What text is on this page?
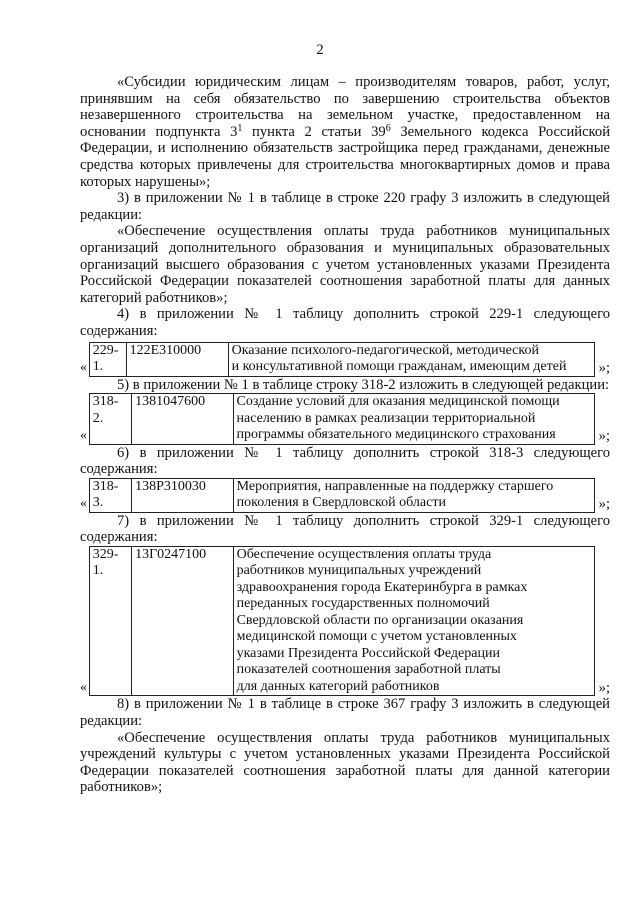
2

«Субсидии юридическим лицам – производителям товаров, работ, услуг, принявшим на себя обязательство по завершению строительства объектов незавершенного строительства на земельном участке, предоставленном на основании подпункта $3^1$ пункта 2 статьи $39^6$ Земельного кодекса Российской Федерации, и исполнению обязательств застройщика перед гражданами, денежные средства которых привлечены для строительства многоквартирных домов и права которых нарушены»;

3) в приложении № 1 в таблице в строке 220 графу 3 изложить в следующей редакции:

«Обеспечение осуществления оплаты труда работников муниципальных организаций дополнительного образования и муниципальных образовательных организаций высшего образования с учетом установленных указами Президента Российской Федерации показателей соотношения заработной платы для данных категорий работников»;

4) в приложении № 1 таблицу дополнить строкой 229-1 следующего содержания:

«
229-1.	122Е310000	Оказание психолого-педагогической, методической
и консультативной помощи гражданам, имеющим детей	»;

5) в приложении № 1 в таблице строку 318-2 изложить в следующей редакции:

«
318-2.	1381047600	Создание условий для оказания медицинской помощи
населению в рамках реализации территориальной
программы обязательного медицинского страхования	»;

6) в приложении № 1 таблицу дополнить строкой 318-3 следующего содержания:

«
318-3.	138Р310030	Мероприятия, направленные на поддержку старшего
поколения в Свердловской области	»;

7) в приложении № 1 таблицу дополнить строкой 329-1 следующего содержания:

«
329-1.	13Г0247100	Обеспечение осуществления оплаты труда
работников муниципальных учреждений
здравоохранения города Екатеринбурга в рамках
переданных государственных полномочий
Свердловской области по организации оказания
медицинской помощи с учетом установленных
указами Президента Российской Федерации
показателей соотношения заработной платы
для данных категорий работников	»;

8) в приложении № 1 в таблице в строке 367 графу 3 изложить в следующей редакции:

«Обеспечение осуществления оплаты труда работников муниципальных учреждений культуры с учетом установленных указами Президента Российской Федерации показателей соотношения заработной платы для данной категории работников»;
